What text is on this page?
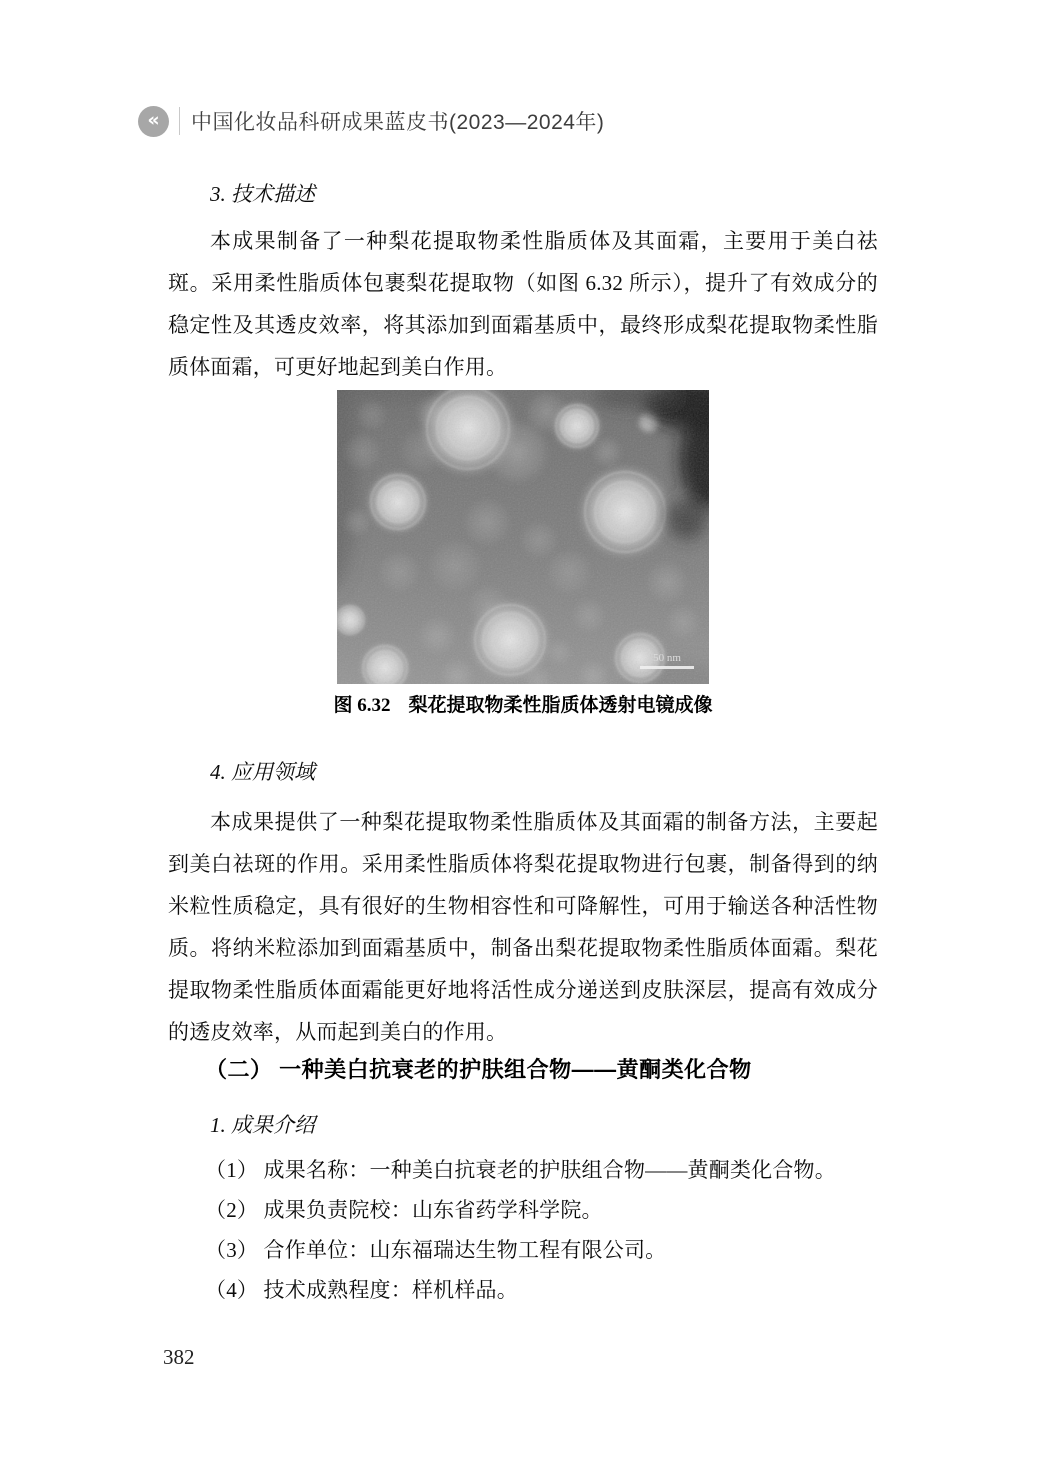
«	中国化妆品科研成果蓝皮书(2023—2024年)
3. 技术描述
本成果制备了一种梨花提取物柔性脂质体及其面霜，主要用于美白祛斑。采用柔性脂质体包裹梨花提取物（如图 6.32 所示），提升了有效成分的稳定性及其透皮效率，将其添加到面霜基质中，最终形成梨花提取物柔性脂质体面霜，可更好地起到美白作用。
50 nm
图 6.32 梨花提取物柔性脂质体透射电镜成像
4. 应用领域
本成果提供了一种梨花提取物柔性脂质体及其面霜的制备方法，主要起到美白祛斑的作用。采用柔性脂质体将梨花提取物进行包裹，制备得到的纳米粒性质稳定，具有很好的生物相容性和可降解性，可用于输送各种活性物质。将纳米粒添加到面霜基质中，制备出梨花提取物柔性脂质体面霜。梨花提取物柔性脂质体面霜能更好地将活性成分递送到皮肤深层，提高有效成分的透皮效率，从而起到美白的作用。
（二） 一种美白抗衰老的护肤组合物——黄酮类化合物
1. 成果介绍

（1） 成果名称：一种美白抗衰老的护肤组合物——黄酮类化合物。

（2） 成果负责院校：山东省药学科学院。

（3） 合作单位：山东福瑞达生物工程有限公司。

（4） 技术成熟程度：样机样品。

382
